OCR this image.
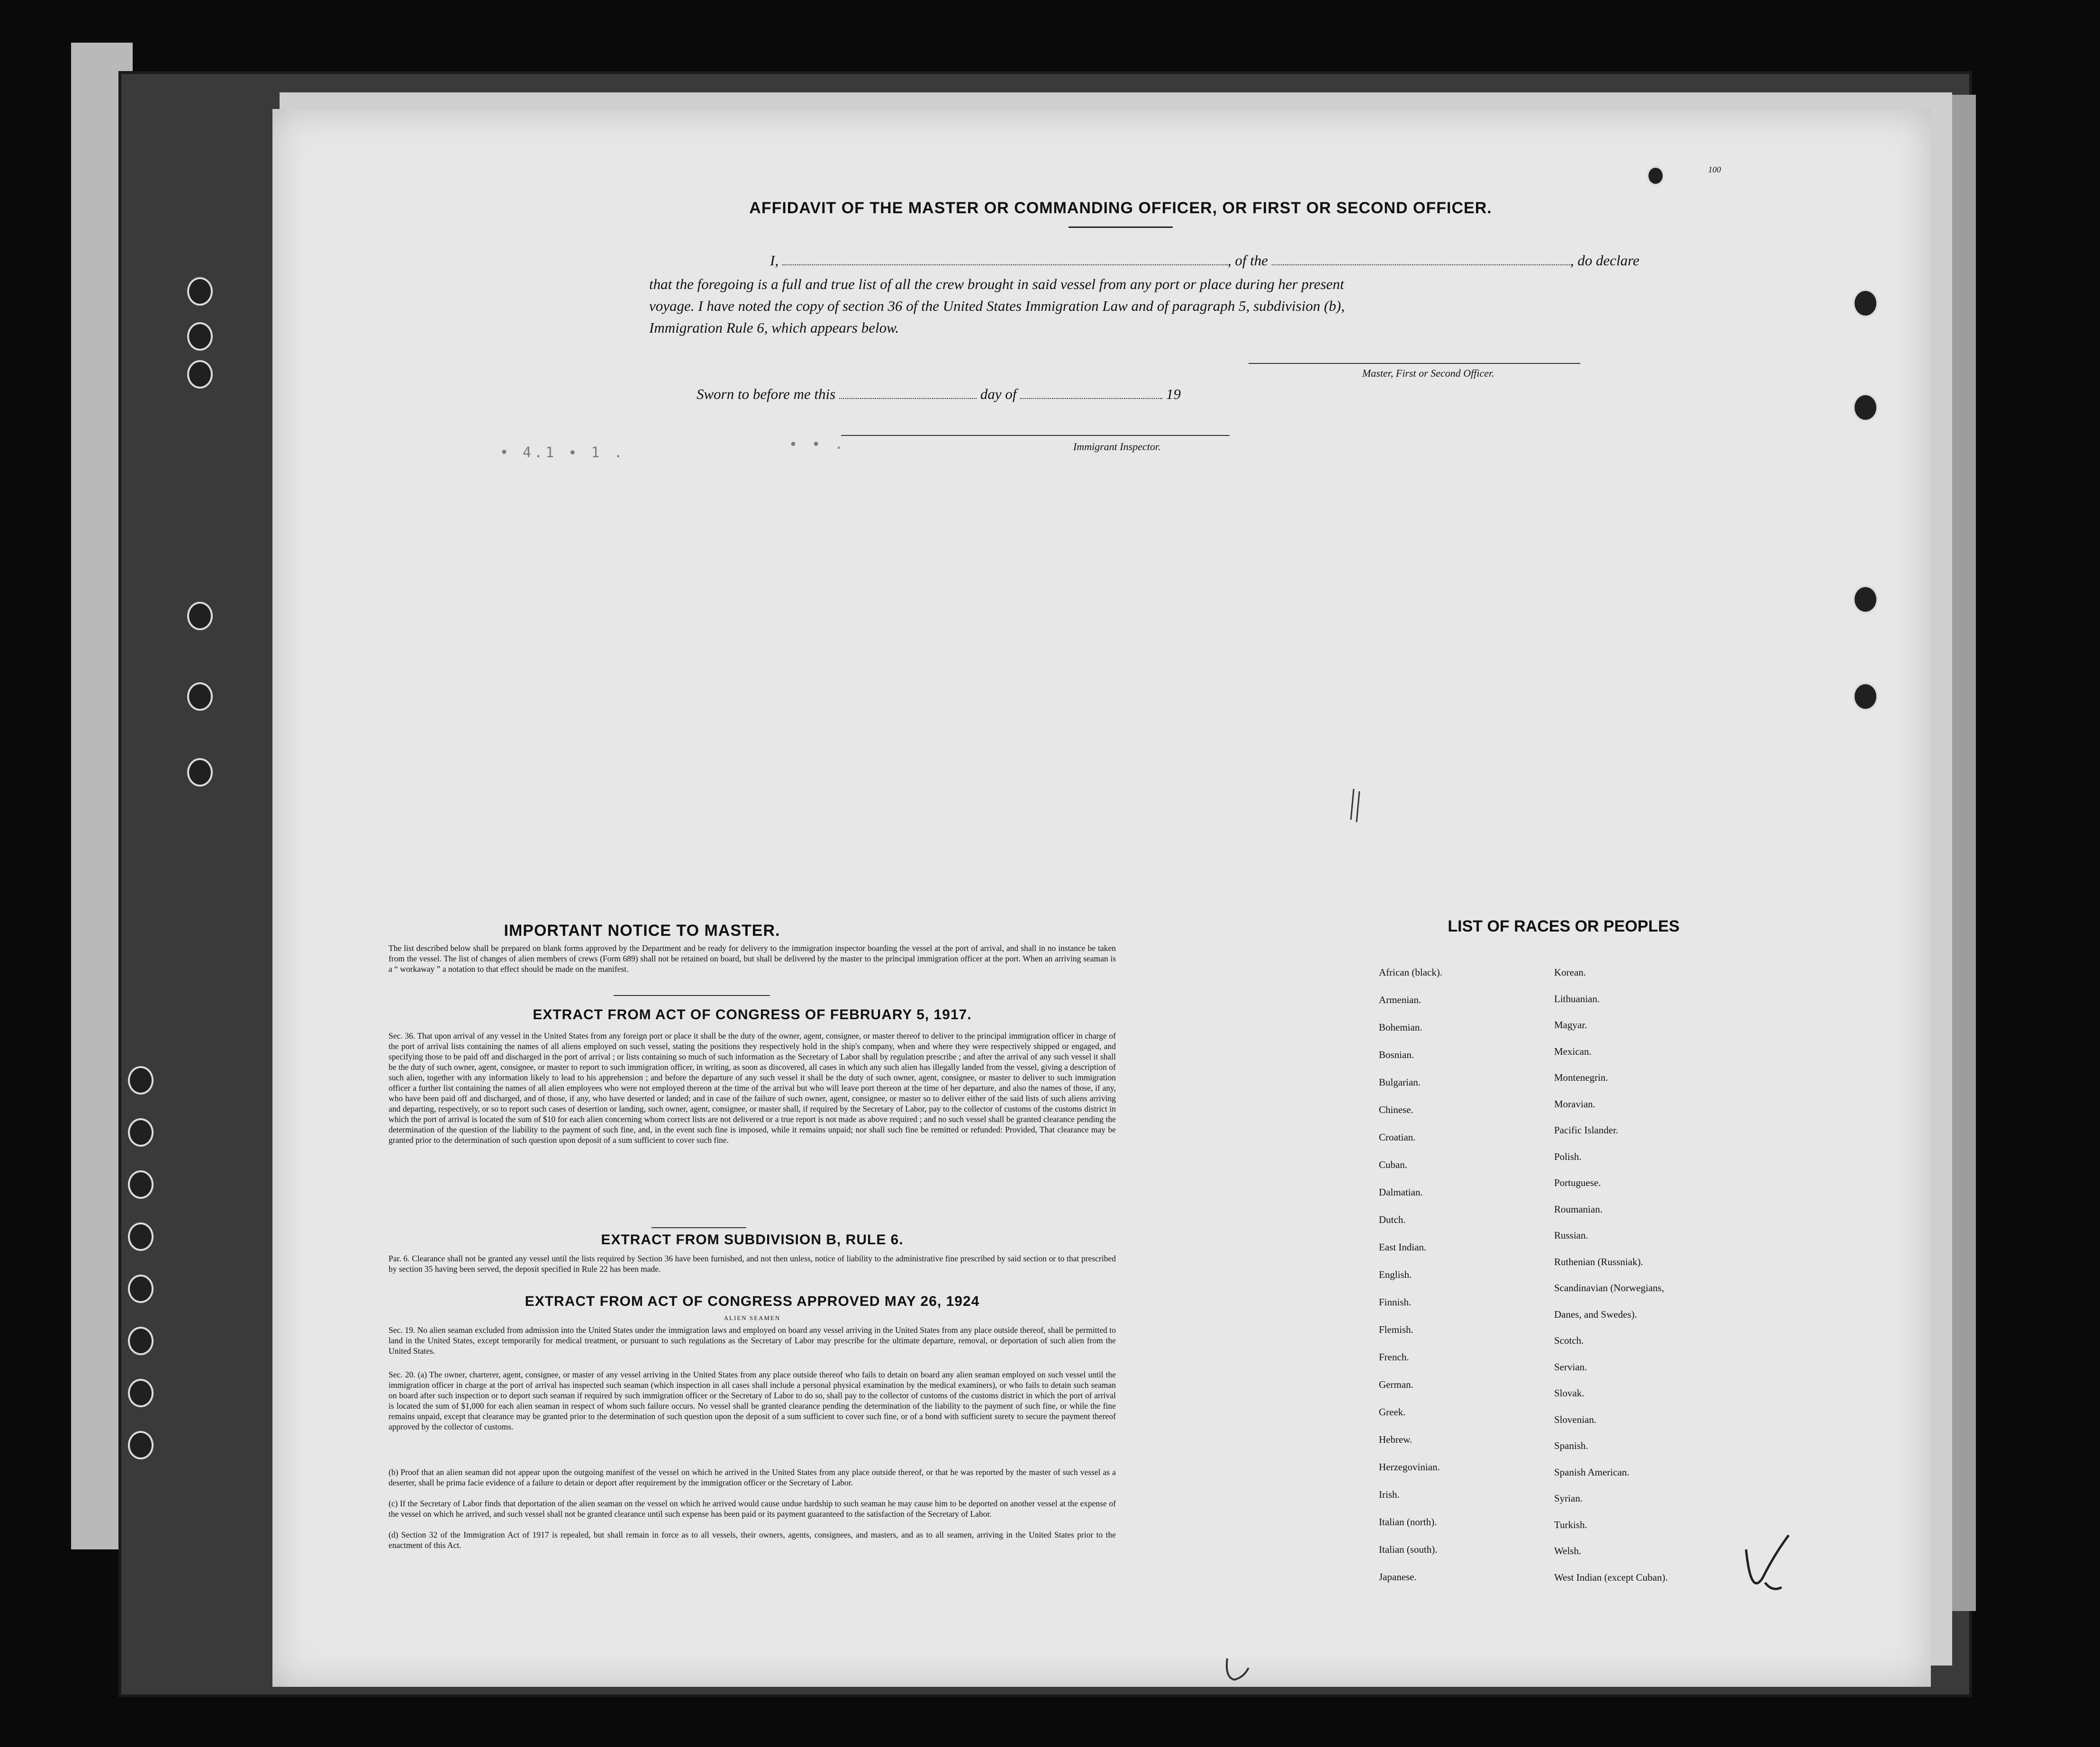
100
• 4.1 ∙ 1 .
∙ ∙ .
AFFIDAVIT OF THE MASTER OR COMMANDING OFFICER, OR FIRST OR SECOND OFFICER.
I,	, of the	, do declare
that the foregoing is a full and true list of all the crew brought in said vessel from any port or place during her present
voyage. I have noted the copy of section 36 of the United States Immigration Law and of paragraph 5, subdivision (b),
Immigration Rule 6, which appears below.
Master, First or Second Officer.
Sworn to before me this	day of	19
Immigrant Inspector.
IMPORTANT NOTICE TO MASTER.
The list described below shall be prepared on blank forms approved by the Department and be ready for delivery to the immigration inspector boarding the vessel at the port of arrival, and shall in no instance be taken from the vessel. The list of changes of alien members of crews (Form 689) shall not be retained on board, but shall be delivered by the master to the principal immigration officer at the port. When an arriving seaman is a “ workaway ” a notation to that effect should be made on the manifest.
EXTRACT FROM ACT OF CONGRESS OF FEBRUARY 5, 1917.
Sec. 36. That upon arrival of any vessel in the United States from any foreign port or place it shall be the duty of the owner, agent, consignee, or master thereof to deliver to the principal immigration officer in charge of the port of arrival lists containing the names of all aliens employed on such vessel, stating the positions they respectively hold in the ship's company, when and where they were respectively shipped or engaged, and specifying those to be paid off and discharged in the port of arrival ; or lists containing so much of such information as the Secretary of Labor shall by regulation prescribe ; and after the arrival of any such vessel it shall be the duty of such owner, agent, consignee, or master to report to such immigration officer, in writing, as soon as discovered, all cases in which any such alien has illegally landed from the vessel, giving a description of such alien, together with any information likely to lead to his apprehension ; and before the departure of any such vessel it shall be the duty of such owner, agent, consignee, or master to deliver to such immigration officer a further list containing the names of all alien employees who were not employed thereon at the time of the arrival but who will leave port thereon at the time of her departure, and also the names of those, if any, who have been paid off and discharged, and of those, if any, who have deserted or landed; and in case of the failure of such owner, agent, consignee, or master so to deliver either of the said lists of such aliens arriving and departing, respectively, or so to report such cases of desertion or landing, such owner, agent, consignee, or master shall, if required by the Secretary of Labor, pay to the collector of customs of the customs district in which the port of arrival is located the sum of $10 for each alien concerning whom correct lists are not delivered or a true report is not made as above required ; and no such vessel shall be granted clearance pending the determination of the question of the liability to the payment of such fine, and, in the event such fine is imposed, while it remains unpaid; nor shall such fine be remitted or refunded: Provided, That clearance may be granted prior to the determination of such question upon deposit of a sum sufficient to cover such fine.
EXTRACT FROM SUBDIVISION B, RULE 6.
Par. 6. Clearance shall not be granted any vessel until the lists required by Section 36 have been furnished, and not then unless, notice of liability to the administrative fine prescribed by said section or to that prescribed by section 35 having been served, the deposit specified in Rule 22 has been made.
EXTRACT FROM ACT OF CONGRESS APPROVED MAY 26, 1924
ALIEN SEAMEN
Sec. 19. No alien seaman excluded from admission into the United States under the immigration laws and employed on board any vessel arriving in the United States from any place outside thereof, shall be permitted to land in the United States, except temporarily for medical treatment, or pursuant to such regulations as the Secretary of Labor may prescribe for the ultimate departure, removal, or deportation of such alien from the United States.
Sec. 20. (a) The owner, charterer, agent, consignee, or master of any vessel arriving in the United States from any place outside thereof who fails to detain on board any alien seaman employed on such vessel until the immigration officer in charge at the port of arrival has inspected such seaman (which inspection in all cases shall include a personal physical examination by the medical examiners), or who fails to detain such seaman on board after such inspection or to deport such seaman if required by such immigration officer or the Secretary of Labor to do so, shall pay to the collector of customs of the customs district in which the port of arrival is located the sum of $1,000 for each alien seaman in respect of whom such failure occurs. No vessel shall be granted clearance pending the determination of the liability to the payment of such fine, or while the fine remains unpaid, except that clearance may be granted prior to the determination of such question upon the deposit of a sum sufficient to cover such fine, or of a bond with sufficient surety to secure the payment thereof approved by the collector of customs.
(b) Proof that an alien seaman did not appear upon the outgoing manifest of the vessel on which he arrived in the United States from any place outside thereof, or that he was reported by the master of such vessel as a deserter, shall be prima facie evidence of a failure to detain or deport after requirement by the immigration officer or the Secretary of Labor.
(c) If the Secretary of Labor finds that deportation of the alien seaman on the vessel on which he arrived would cause undue hardship to such seaman he may cause him to be deported on another vessel at the expense of the vessel on which he arrived, and such vessel shall not be granted clearance until such expense has been paid or its payment guaranteed to the satisfaction of the Secretary of Labor.
(d) Section 32 of the Immigration Act of 1917 is repealed, but shall remain in force as to all vessels, their owners, agents, consignees, and masters, and as to all seamen, arriving in the United States prior to the enactment of this Act.
LIST OF RACES OR PEOPLES
African (black).
Armenian.
Bohemian.
Bosnian.
Bulgarian.
Chinese.
Croatian.
Cuban.
Dalmatian.
Dutch.
East Indian.
English.
Finnish.
Flemish.
French.
German.
Greek.
Hebrew.
Herzegovinian.
Irish.
Italian (north).
Italian (south).
Japanese.
Korean.
Lithuanian.
Magyar.
Mexican.
Montenegrin.
Moravian.
Pacific Islander.
Polish.
Portuguese.
Roumanian.
Russian.
Ruthenian (Russniak).
Scandinavian (Norwegians,
Danes, and Swedes).
Scotch.
Servian.
Slovak.
Slovenian.
Spanish.
Spanish American.
Syrian.
Turkish.
Welsh.
West Indian (except Cuban).
